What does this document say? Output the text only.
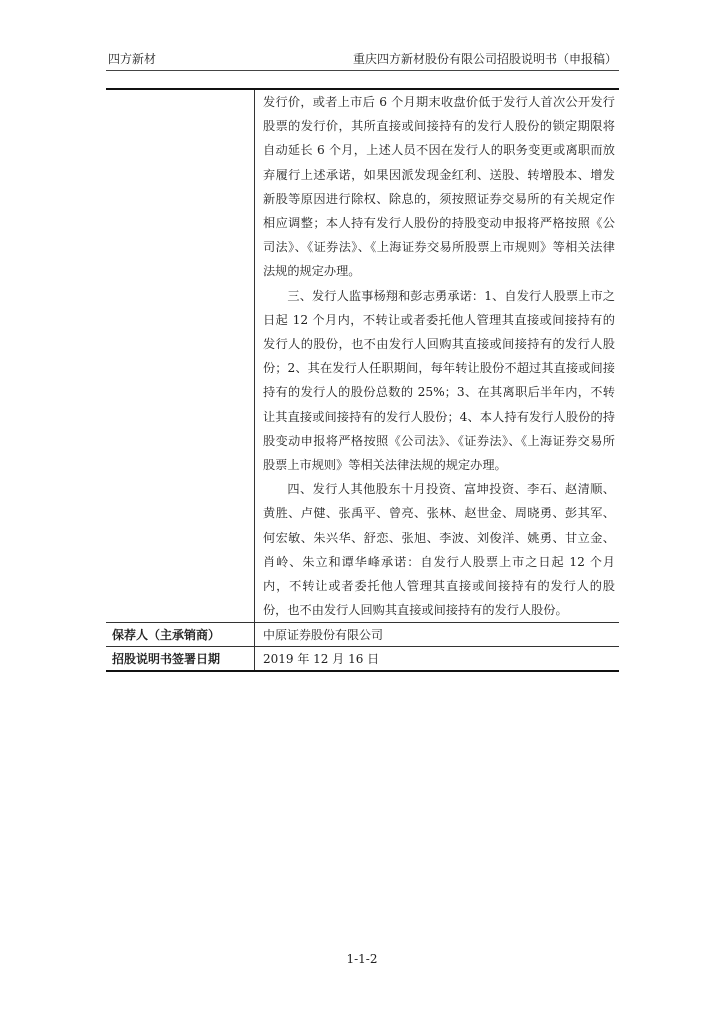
四方新材	重庆四方新材股份有限公司招股说明书（申报稿）

	发行价，或者上市后 6 个月期末收盘价低于发行人首次公开发行股票的发行价，其所直接或间接持有的发行人股份的锁定期限将自动延长 6 个月，上述人员不因在发行人的职务变更或离职而放弃履行上述承诺，如果因派发现金红利、送股、转增股本、增发新股等原因进行除权、除息的，须按照证券交易所的有关规定作相应调整；本人持有发行人股份的持股变动申报将严格按照《公司法》、《证券法》、《上海证券交易所股票上市规则》等相关法律法规的规定办理。

三、发行人监事杨翔和彭志勇承诺：1、自发行人股票上市之日起 12 个月内，不转让或者委托他人管理其直接或间接持有的发行人的股份，也不由发行人回购其直接或间接持有的发行人股份；2、其在发行人任职期间，每年转让股份不超过其直接或间接持有的发行人的股份总数的 25%；3、在其离职后半年内，不转让其直接或间接持有的发行人股份；4、本人持有发行人股份的持股变动申报将严格按照《公司法》、《证券法》、《上海证券交易所股票上市规则》等相关法律法规的规定办理。

四、发行人其他股东十月投资、富坤投资、李石、赵清顺、黄胜、卢健、张禹平、曾亮、张林、赵世金、周晓勇、彭其军、何宏敏、朱兴华、舒恋、张旭、李波、刘俊洋、姚勇、甘立金、肖岭、朱立和谭华峰承诺：自发行人股票上市之日起 12 个月内，不转让或者委托他人管理其直接或间接持有的发行人的股份，也不由发行人回购其直接或间接持有的发行人股份。

保荐人（主承销商）	中原证券股份有限公司
招股说明书签署日期	2019 年 12 月 16 日
1-1-2
